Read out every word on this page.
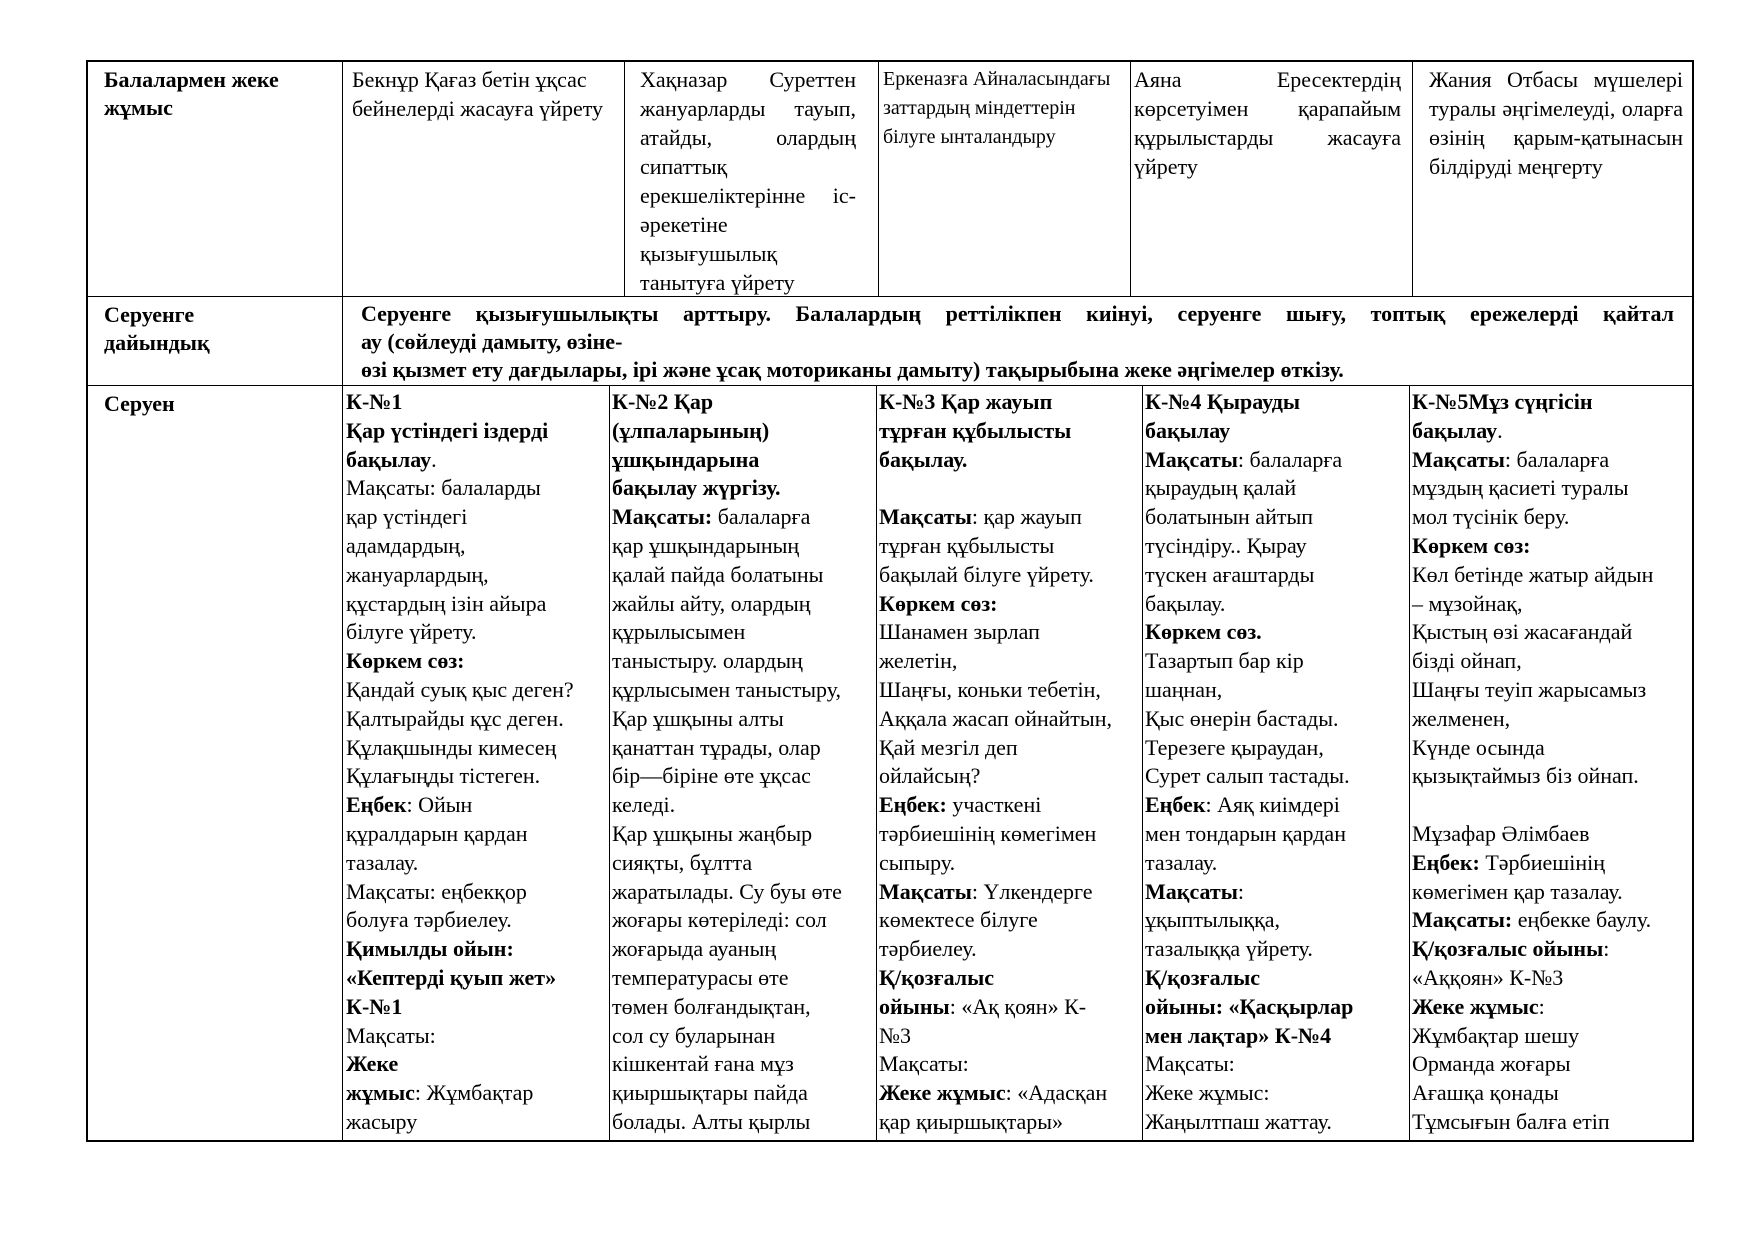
Балалармен жеке
жұмыс
Бекнұр Қағаз бетін ұқсас бейнелерді жасауға үйрету
Хақназар Суреттен жануарларды тауып, атайды, олардың сипаттық ерекшеліктерінне іс-әрекетіне қызығушылық танытуға үйрету
Еркеназға Айналасындағы заттардың міндеттерін білуге ынталандыру
Аяна Ересектердің көрсетуімен қарапайым құрылыстарды жасауға үйрету
Жания Отбасы мүшелері туралы әңгімелеуді, оларға өзінің қарым-қатынасын білдіруді меңгерту
Серуенге дайындық
Серуенге қызығушылықты арттыру. Балалардың реттілікпен киінуі, серуенге шығу, топтық ережелерді қайтал
ау (сөйлеуді дамыту, өзіне-
өзі қызмет ету дағдылары, ірі және ұсақ моториканы дамыту) тақырыбына жеке әңгімелер өткізу.
Серуен	К-№1
Қар үстіндегі іздерді
бақылау.
Мақсаты: балаларды
қар үстіндегі
адамдардың,
жануарлардың,
құстардың ізін айыра
білуге үйрету.
Көркем сөз:
Қандай суық қыс деген?
Қалтырайды құс деген.
Құлақшынды кимесең
Құлағыңды тістеген.
Еңбек: Ойын
құралдарын қардан
тазалау.
Мақсаты: еңбекқор
болуға тәрбиелеу.
Қимылды ойын:
«Кептерді қуып жет»
К-№1
Мақсаты:
Жеке
жұмыс: Жұмбақтар
жасыру
К-№2 Қар
(ұлпаларының)
ұшқындарына
бақылау жүргізу.
Мақсаты: балаларға
қар ұшқындарының
қалай пайда болатыны
жайлы айту, олардың
құрылысымен
таныстыру. олардың
құрлысымен таныстыру,
Қар ұшқыны алты
қанаттан тұрады, олар
бір—біріне өте ұқсас
келеді.
Қар ұшқыны жаңбыр
сияқты, бұлтта
жаратылады. Су буы өте
жоғары көтеріледі: сол
жоғарыда ауаның
температурасы өте
төмен болғандықтан,
сол су буларынан
кішкентай ғана мұз
қиыршықтары пайда
болады. Алты қырлы
К-№3 Қар жауып
тұрған құбылысты
бақылау.
Мақсаты: қар жауып
тұрған құбылысты
бақылай білуге үйрету.
Көркем сөз:
Шанамен зырлап
желетін,
Шаңғы, коньки тебетін,
Аққала жасап ойнайтын,
Қай мезгіл деп
ойлайсың?
Еңбек: участкені
тәрбиешінің көмегімен
сыпыру.
Мақсаты: Үлкендерге
көмектесе білуге
тәрбиелеу.
Қ/қозғалыс
ойыны: «Ақ қоян» К-
№3
Мақсаты:
Жеке жұмыс: «Адасқан
қар қиыршықтары»
К-№4 Қырауды
бақылау
Мақсаты: балаларға
қыраудың қалай
болатынын айтып
түсіндіру.. Қырау
түскен ағаштарды
бақылау.
Көркем сөз.
Тазартып бар кір
шаңнан,
Қыс өнерін бастады.
Терезеге қыраудан,
Сурет салып тастады.
Еңбек: Аяқ киімдері
мен тондарын қардан
тазалау.
Мақсаты:
ұқыптылыққа,
тазалыққа үйрету.
Қ/қозғалыс
ойыны: «Қасқырлар
мен лақтар» К-№4
Мақсаты:
Жеке жұмыс:
Жаңылтпаш жаттау.
К-№5Мұз сүңгісін
бақылау.
Мақсаты: балаларға
мұздың қасиеті туралы
мол түсінік беру.
Көркем сөз:
Көл бетінде жатыр айдын
– мұзойнақ,
Қыстың өзі жасағандай
бізді ойнап,
Шаңғы теуіп жарысамыз
желменен,
Күнде осында
қызықтаймыз біз ойнап.
Мұзафар Әлімбаев
Еңбек: Тәрбиешінің
көмегімен қар тазалау.
Мақсаты: еңбекке баулу.
Қ/қозғалыс ойыны:
«Аққоян» К-№3
Жеке жұмыс:
Жұмбақтар шешу
Орманда жоғары
Ағашқа қонады
Тұмсығын балға етіп
